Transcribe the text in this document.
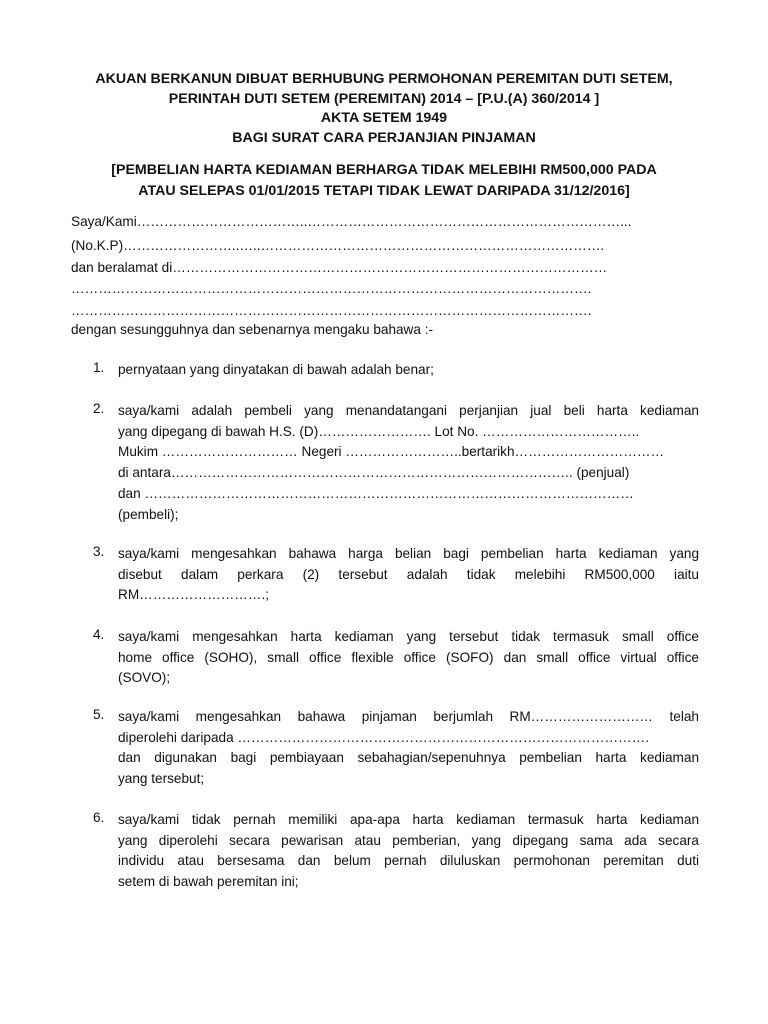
AKUAN BERKANUN DIBUAT BERHUBUNG PERMOHONAN PEREMITAN DUTI SETEM,
PERINTAH DUTI SETEM (PEREMITAN) 2014 – [P.U.(A) 360/2014 ]
AKTA SETEM 1949
BAGI SURAT CARA PERJANJIAN PINJAMAN
[PEMBELIAN HARTA KEDIAMAN BERHARGA TIDAK MELEBIHI RM500,000 PADA
ATAU SELEPAS 01/01/2015 TETAPI TIDAK LEWAT DARIPADA 31/12/2016]
Saya/Kami………………………………..……………………………………………………………...
(No.K.P)……………………..…..………………………………………………………………….
dan beralamat di……………………………………………………………………………………
…………………………………………………………………………………………………….
…………………………………………………………………………………………………….
dengan sesungguhnya dan sebenarnya mengaku bahawa :-
1. pernyataan yang dinyatakan di bawah adalah benar;
2. saya/kami adalah pembeli yang menandatangani perjanjian jual beli harta kediaman
yang dipegang di bawah H.S. (D)……………………. Lot No. ……………………………..
Mukim ………………………… Negeri ……………………..bertarikh……………………………
di antara…………………………………………………………………………….. (penjual)
dan ………………………………………………………………………………………………
(pembeli);
3. saya/kami mengesahkan bahawa harga belian bagi pembelian harta kediaman yang
disebut dalam perkara (2) tersebut adalah tidak melebihi RM500,000 iaitu
RM……………………….;
4. saya/kami mengesahkan harta kediaman yang tersebut tidak termasuk small office
home office (SOHO), small office flexible office (SOFO) dan small office virtual office
(SOVO);
5. saya/kami mengesahkan bahawa pinjaman berjumlah RM……………………… telah
diperolehi daripada ……………………………………………………………………………….
dan digunakan bagi pembiayaan sebahagian/sepenuhnya pembelian harta kediaman
yang tersebut;
6. saya/kami tidak pernah memiliki apa-apa harta kediaman termasuk harta kediaman
yang diperolehi secara pewarisan atau pemberian, yang dipegang sama ada secara
individu atau bersesama dan belum pernah diluluskan permohonan peremitan duti
setem di bawah peremitan ini;
